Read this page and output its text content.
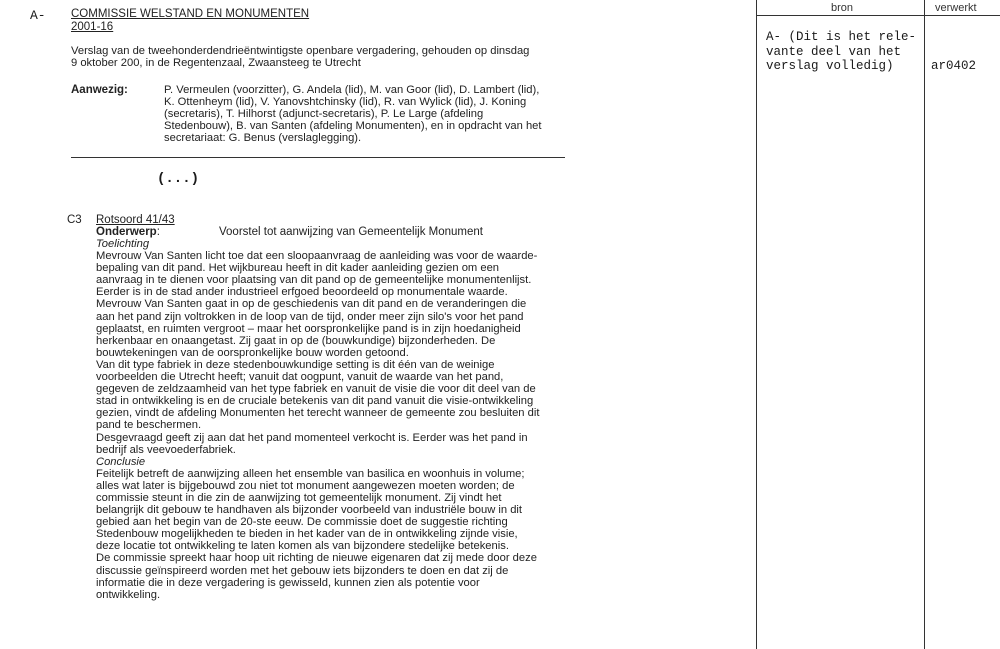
A- COMMISSIE WELSTAND EN MONUMENTEN
2001-16
Verslag van de tweehonderdendrieëntwintigste openbare vergadering, gehouden op dinsdag
9 oktober 200, in de Regentenzaal, Zwaansteeg te Utrecht
Aanwezig:	P. Vermeulen (voorzitter), G. Andela (lid), M. van Goor (lid), D. Lambert (lid),
K. Ottenheym (lid), V. Yanovshtchinsky (lid), R. van Wylick (lid), J. Koning
(secretaris), T. Hilhorst (adjunct-secretaris), P. Le Large (afdeling
Stedenbouw), B. van Santen (afdeling Monumenten), en in opdracht van het
secretariaat: G. Benus (verslaglegging).
(...)
C3 Rotsoord 41/43
Onderwerp:	Voorstel tot aanwijzing van Gemeentelijk Monument
Toelichting
Mevrouw Van Santen licht toe dat een sloopaanvraag de aanleiding was voor de waarde-
bepaling van dit pand. Het wijkbureau heeft in dit kader aanleiding gezien om een
aanvraag in te dienen voor plaatsing van dit pand op de gemeentelijke monumentenlijst.
Eerder is in de stad ander industrieel erfgoed beoordeeld op monumentale waarde.
Mevrouw Van Santen gaat in op de geschiedenis van dit pand en de veranderingen die
aan het pand zijn voltrokken in de loop van de tijd, onder meer zijn silo's voor het pand
geplaatst, en ruimten vergroot – maar het oorspronkelijke pand is in zijn hoedanigheid
herkenbaar en onaangetast. Zij gaat in op de (bouwkundige) bijzonderheden. De
bouwtekeningen van de oorspronkelijke bouw worden getoond.
Van dit type fabriek in deze stedenbouwkundige setting is dit één van de weinige
voorbeelden die Utrecht heeft; vanuit dat oogpunt, vanuit de waarde van het pand,
gegeven de zeldzaamheid van het type fabriek en vanuit de visie die voor dit deel van de
stad in ontwikkeling is en de cruciale betekenis van dit pand vanuit die visie-ontwikkeling
gezien, vindt de afdeling Monumenten het terecht wanneer de gemeente zou besluiten dit
pand te beschermen.
Desgevraagd geeft zij aan dat het pand momenteel verkocht is. Eerder was het pand in
bedrijf als veevoederfabriek.
Conclusie
Feitelijk betreft de aanwijzing alleen het ensemble van basilica en woonhuis in volume;
alles wat later is bijgebouwd zou niet tot monument aangewezen moeten worden; de
commissie steunt in die zin de aanwijzing tot gemeentelijk monument. Zij vindt het
belangrijk dit gebouw te handhaven als bijzonder voorbeeld van industriële bouw in dit
gebied aan het begin van de 20-ste eeuw. De commissie doet de suggestie richting
Stedenbouw mogelijkheden te bieden in het kader van de in ontwikkeling zijnde visie,
deze locatie tot ontwikkeling te laten komen als van bijzondere stedelijke betekenis.
De commissie spreekt haar hoop uit richting de nieuwe eigenaren dat zij mede door deze
discussie geïnspireerd worden met het gebouw iets bijzonders te doen en dat zij de
informatie die in deze vergadering is gewisseld, kunnen zien als potentie voor
ontwikkeling.
bron	verwerkt
A- (Dit is het rele-
vante deel van het
verslag volledig)	ar0402
